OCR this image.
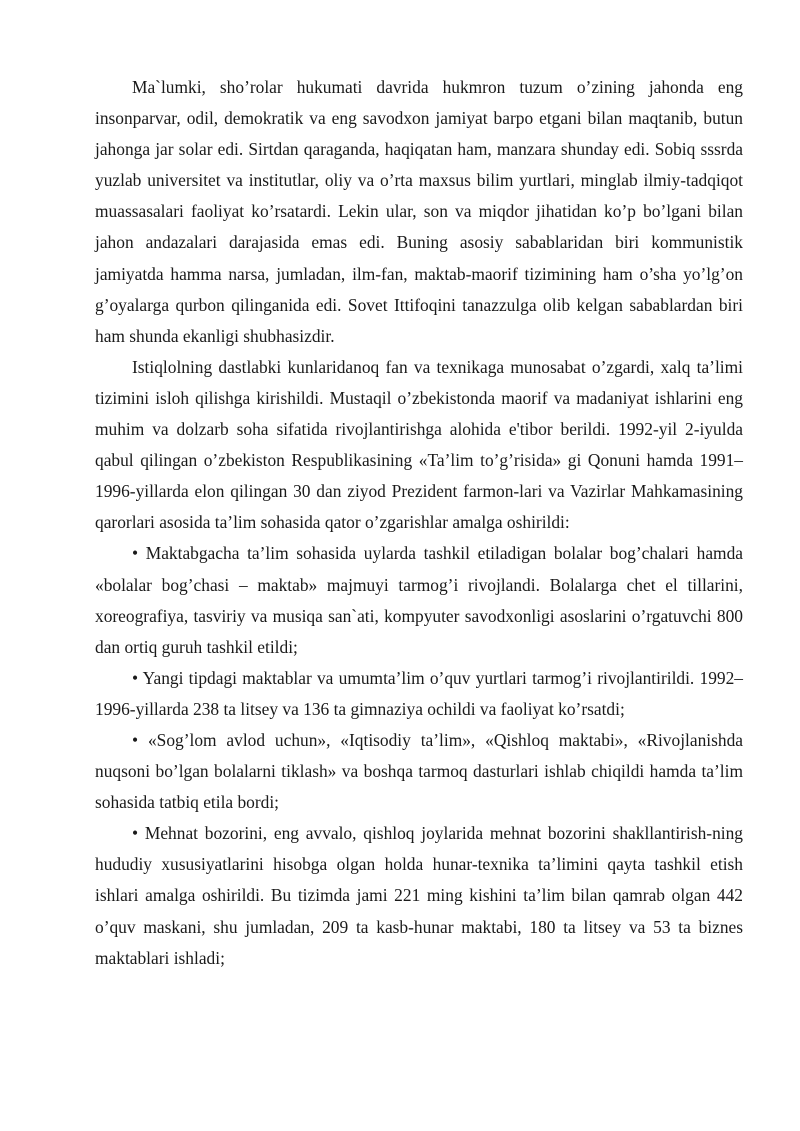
Ma`lumki, sho’rolar hukumati davrida hukmron tuzum o’zining jahonda eng insonparvar, odil, demokratik va eng savodxon jamiyat barpo etgani bilan maqtanib, butun jahonga jar solar edi. Sirtdan qaraganda, haqiqatan ham, manzara shunday edi. Sobiq sssrda yuzlab universitet va institutlar, oliy va o’rta maxsus bilim yurtlari, minglab ilmiy-tadqiqot muassasalari faoliyat ko’rsatardi. Lekin ular, son va miqdor jihatidan ko’p bo’lgani bilan jahon andazalari darajasida emas edi. Buning asosiy sabablaridan biri kommunistik jamiyatda hamma narsa, jumladan, ilm-fan, maktab-maorif tizimining ham o’sha yo’lg’on g’oyalarga qurbon qilinganida edi. Sovet Ittifoqini tanazzulga olib kelgan sabablardan biri ham shunda ekanligi shubhasizdir.

Istiqlolning dastlabki kunlaridanoq fan va texnikaga munosabat o’zgardi, xalq ta’limi tizimini isloh qilishga kirishildi. Mustaqil o’zbekistonda maorif va madaniyat ishlarini eng muhim va dolzarb soha sifatida rivojlantirishga alohida e'tibor berildi. 1992-yil 2-iyulda qabul qilingan o’zbekiston Respublikasining «Ta’lim to’g’risida» gi Qonuni hamda 1991–1996-yillarda elon qilingan 30 dan ziyod Prezident farmon-lari va Vazirlar Mahkamasining qarorlari asosida ta’lim sohasida qator o’zgarishlar amalga oshirildi:

• Maktabgacha ta’lim sohasida uylarda tashkil etiladigan bolalar bog’chalari hamda «bolalar bog’chasi – maktab» majmuyi tarmog’i rivojlandi. Bolalarga chet el tillarini, xoreografiya, tasviriy va musiqa san`ati, kompyuter savodxonligi asoslarini o’rgatuvchi 800 dan ortiq guruh tashkil etildi;

• Yangi tipdagi maktablar va umumta’lim o’quv yurtlari tarmog’i rivojlantirildi. 1992–1996-yillarda 238 ta litsey va 136 ta gimnaziya ochildi va faoliyat ko’rsatdi;

• «Sog’lom avlod uchun», «Iqtisodiy ta’lim», «Qishloq maktabi», «Rivojlanishda nuqsoni bo’lgan bolalarni tiklash» va boshqa tarmoq dasturlari ishlab chiqildi hamda ta’lim sohasida tatbiq etila bordi;

• Mehnat bozorini, eng avvalo, qishloq joylarida mehnat bozorini shakllantirish-ning hududiy xususiyatlarini hisobga olgan holda hunar-texnika ta’limini qayta tashkil etish ishlari amalga oshirildi. Bu tizimda jami 221 ming kishini ta’lim bilan qamrab olgan 442 o’quv maskani, shu jumladan, 209 ta kasb-hunar maktabi, 180 ta litsey va 53 ta biznes maktablari ishladi;
